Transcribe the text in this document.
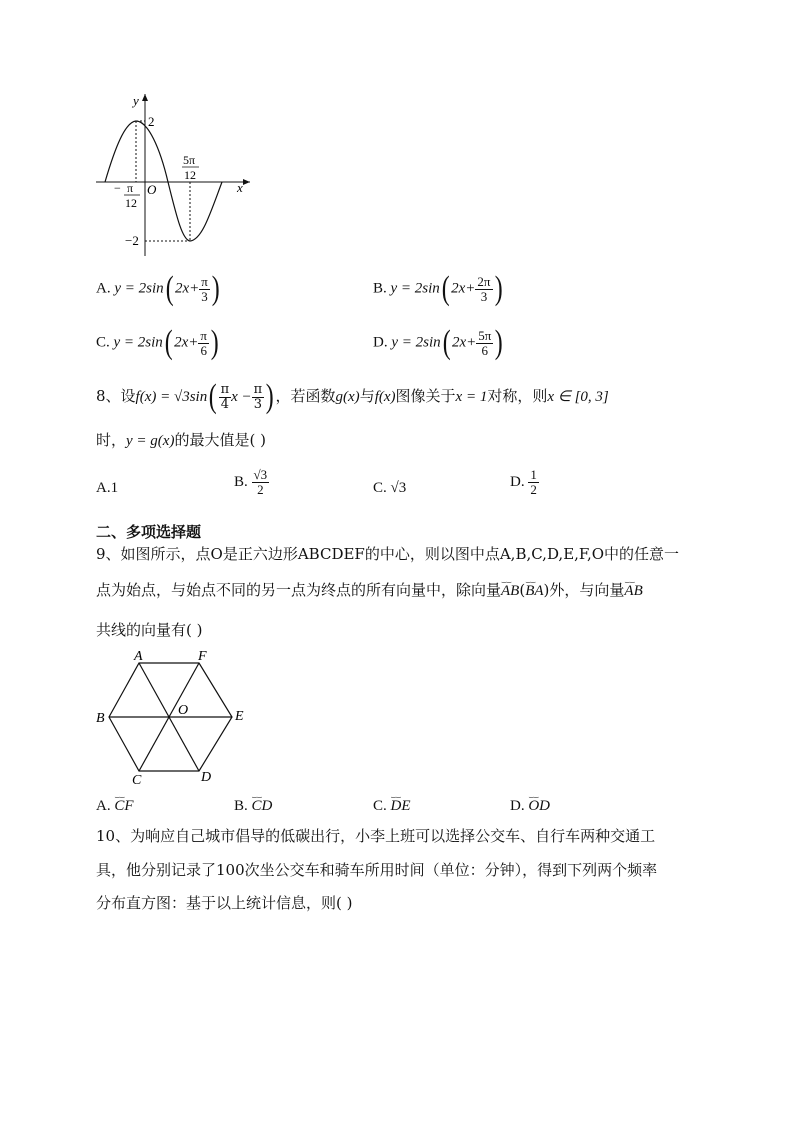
y
x
O
2
−2
− π
12
5π
12
A. y = 2sin( $2x+ \frac{\pi}{3}$ )	B. y = 2sin( $2x+ \frac{2\pi}{3}$ )
C. y = 2sin( $2x+ \frac{\pi}{6}$ )	D. y = 2sin( $2x+ \frac{5\pi}{6}$ )
8、设$f(x) = √3\sin( \frac{\pi}{4}$ $x - \frac{\pi}{3}$ ) ，若函数g(x)与f(x)图像关于x = 1对称，则x ∈ [0, 3]
时，y = g(x)的最大值是( )
A.1	B. $\frac{√3}{2}$	C. √3	D. $\frac{1}{2}$
二、多项选择题
9、如图所示，点O是正六边形ABCDEF的中心，则以图中点A,B,C,D,E,F,O中的任意一
点为始点，与始点不同的另一点为终点的所有向量中，除向量⌣⌣ AB(⌣⌣ BA)外，与向量⌣⌣ AB
共线的向量有( )
A	F
B	E
O
C	D
A. ⌣⌣ CF	B. ⌣⌣ CD	C. ⌣⌣ DE	D. ⌣⌣ OD
10、为响应自己城市倡导的低碳出行，小李上班可以选择公交车、自行车两种交通工
具，他分别记录了100次坐公交车和骑车所用时间（单位：分钟），得到下列两个频率
分布直方图：基于以上统计信息，则( )
